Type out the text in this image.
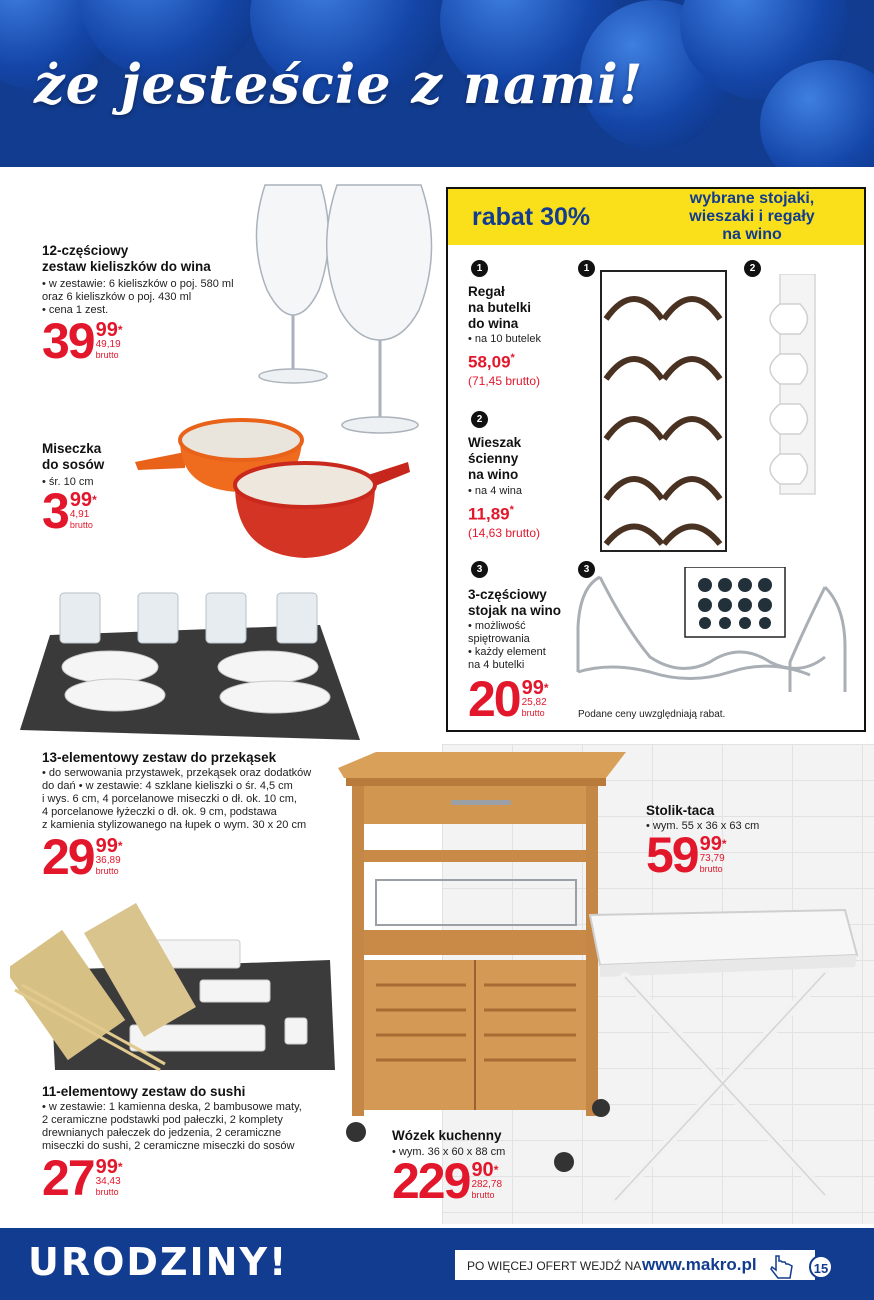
że jesteście z nami!
12-częściowy
zestaw kieliszków do wina
• w zestawie: 6 kieliszków o poj. 580 ml
oraz 6 kieliszków o poj. 430 ml
• cena 1 zest.
39 99*
49,19
brutto
Miseczka
do sosów
• śr. 10 cm
3 99*
4,91
brutto
13-elementowy zestaw do przekąsek
• do serwowania przystawek, przekąsek oraz dodatków
do dań • w zestawie: 4 szklane kieliszki o śr. 4,5 cm
i wys. 6 cm, 4 porcelanowe miseczki o dł. ok. 10 cm,
4 porcelanowe łyżeczki o dł. ok. 9 cm, podstawa
z kamienia stylizowanego na łupek o wym. 30 x 20 cm
29 99*
36,89
brutto
11-elementowy zestaw do sushi
• w zestawie: 1 kamienna deska, 2 bambusowe maty,
2 ceramiczne podstawki pod pałeczki, 2 komplety
drewnianych pałeczek do jedzenia, 2 ceramiczne
miseczki do sushi, 2 ceramiczne miseczki do sosów
27 99*
34,43
brutto
Wózek kuchenny
• wym. 36 x 60 x 88 cm
229 90*
282,78
brutto
Stolik-taca
• wym. 55 x 36 x 63 cm
59 99*
73,79
brutto
rabat 30%
wybrane stojaki,
wieszaki i regały
na wino
1
Regał
na butelki
do wina
• na 10 butelek
58,09*
(71,45 brutto)
2
Wieszak
ścienny
na wino
• na 4 wina
11,89*
(14,63 brutto)
3
3-częściowy
stojak na wino
• możliwość
spiętrowania
• każdy element
na 4 butelki
20 99*
25,82
brutto
1	2
3
Podane ceny uwzględniają rabat.
URODZINY!	PO WIĘCEJ OFERT WEJDŹ NA www.makro.pl	15
